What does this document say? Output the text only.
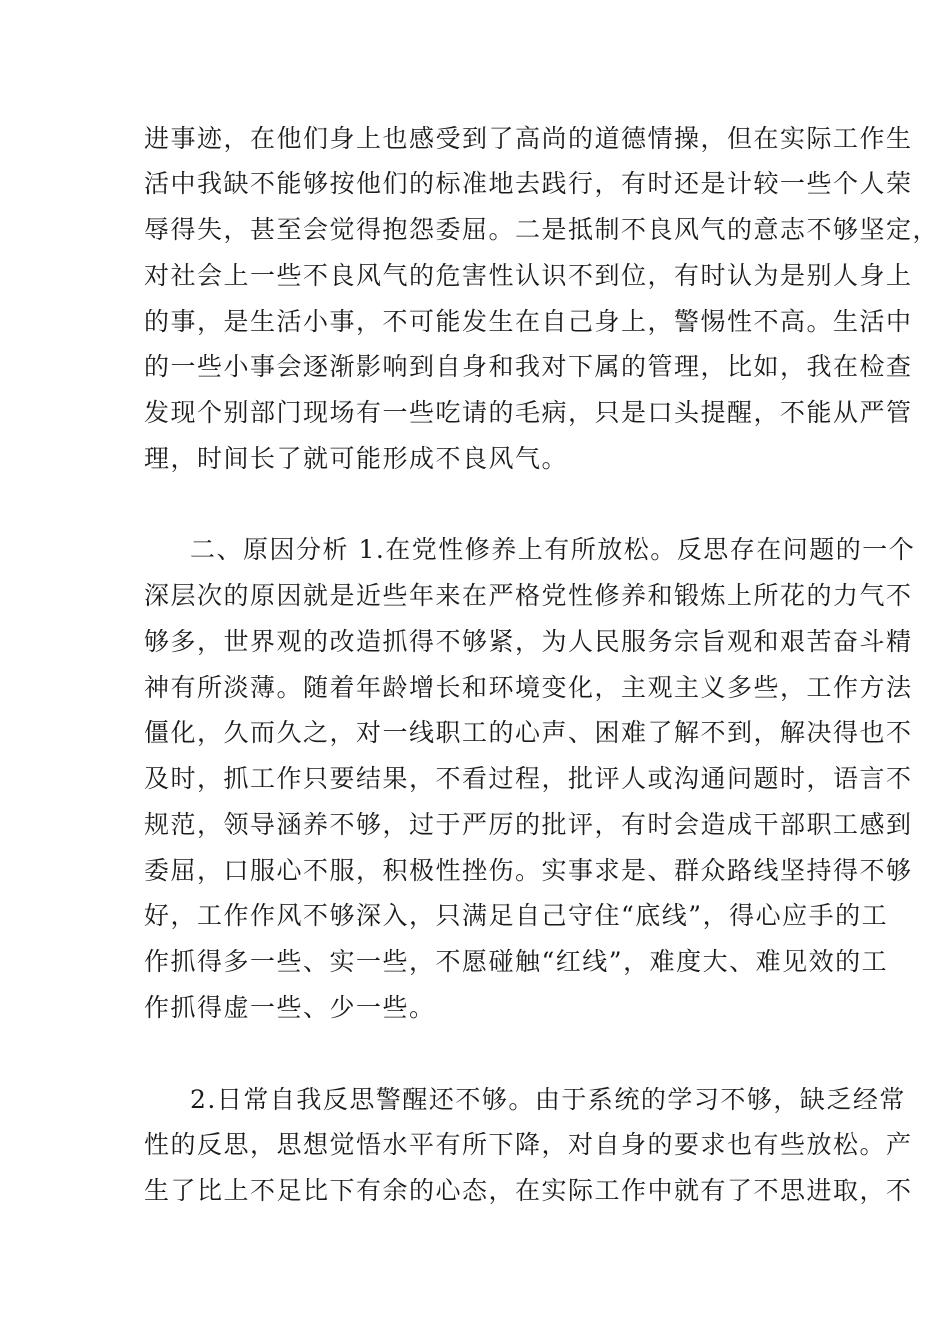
进事迹，在他们身上也感受到了高尚的道德情操，但在实际工作生
活中我缺不能够按他们的标准地去践行，有时还是计较一些个人荣
辱得失，甚至会觉得抱怨委屈。二是抵制不良风气的意志不够坚定，
对社会上一些不良风气的危害性认识不到位，有时认为是别人身上
的事，是生活小事，不可能发生在自己身上，警惕性不高。生活中
的一些小事会逐渐影响到自身和我对下属的管理，比如，我在检查
发现个别部门现场有一些吃请的毛病，只是口头提醒，不能从严管
理，时间长了就可能形成不良风气。
二、原因分析 1.在党性修养上有所放松。反思存在问题的一个
深层次的原因就是近些年来在严格党性修养和锻炼上所花的力气不
够多，世界观的改造抓得不够紧，为人民服务宗旨观和艰苦奋斗精
神有所淡薄。随着年龄增长和环境变化，主观主义多些，工作方法
僵化，久而久之，对一线职工的心声、困难了解不到，解决得也不
及时，抓工作只要结果，不看过程，批评人或沟通问题时，语言不
规范，领导涵养不够，过于严厉的批评，有时会造成干部职工感到
委屈，口服心不服，积极性挫伤。实事求是、群众路线坚持得不够
好，工作作风不够深入，只满足自己守住“底线”，得心应手的工
作抓得多一些、实一些，不愿碰触“红线”，难度大、难见效的工
作抓得虚一些、少一些。
2.日常自我反思警醒还不够。由于系统的学习不够，缺乏经常
性的反思，思想觉悟水平有所下降，对自身的要求也有些放松。产
生了比上不足比下有余的心态，在实际工作中就有了不思进取，不
